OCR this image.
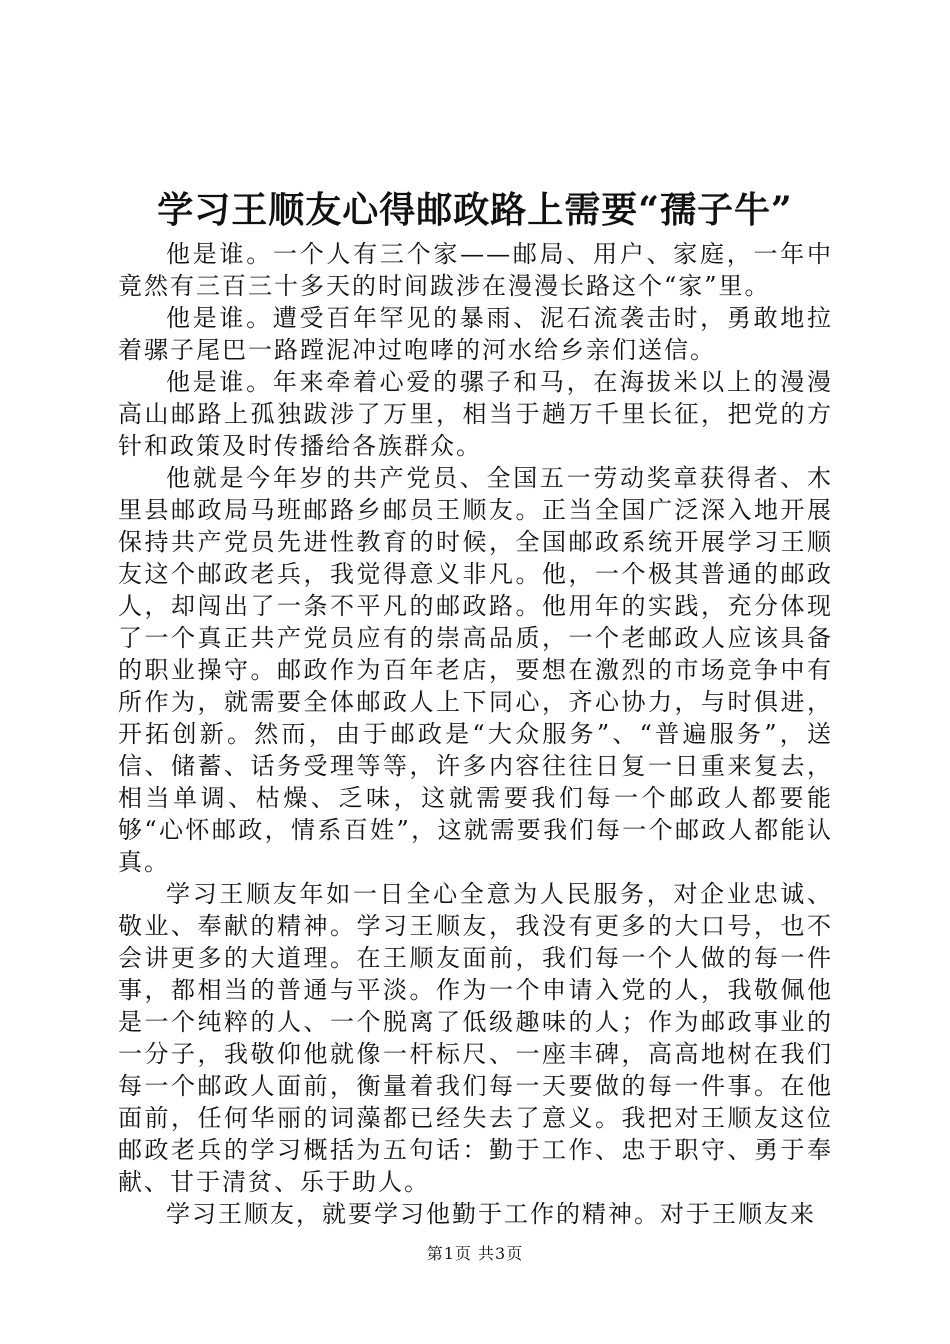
学习王顺友心得邮政路上需要“孺子牛”

他是谁。一个人有三个家——邮局、用户、家庭，一年中竟然有三百三十多天的时间跋涉在漫漫长路这个“家”里。

他是谁。遭受百年罕见的暴雨、泥石流袭击时，勇敢地拉着骡子尾巴一路蹚泥冲过咆哮的河水给乡亲们送信。

他是谁。年来牵着心爱的骡子和马，在海拔米以上的漫漫高山邮路上孤独跋涉了万里，相当于趟万千里长征，把党的方针和政策及时传播给各族群众。

他就是今年岁的共产党员、全国五一劳动奖章获得者、木里县邮政局马班邮路乡邮员王顺友。正当全国广泛深入地开展保持共产党员先进性教育的时候，全国邮政系统开展学习王顺友这个邮政老兵，我觉得意义非凡。他，一个极其普通的邮政人，却闯出了一条不平凡的邮政路。他用年的实践，充分体现了一个真正共产党员应有的崇高品质，一个老邮政人应该具备的职业操守。邮政作为百年老店，要想在激烈的市场竞争中有所作为，就需要全体邮政人上下同心，齐心协力，与时俱进，开拓创新。然而，由于邮政是“大众服务”、“普遍服务”，送信、储蓄、话务受理等等，许多内容往往日复一日重来复去，相当单调、枯燥、乏味，这就需要我们每一个邮政人都要能够“心怀邮政，情系百姓”，这就需要我们每一个邮政人都能认真。

学习王顺友年如一日全心全意为人民服务，对企业忠诚、敬业、奉献的精神。学习王顺友，我没有更多的大口号，也不会讲更多的大道理。在王顺友面前，我们每一个人做的每一件事，都相当的普通与平淡。作为一个申请入党的人，我敬佩他是一个纯粹的人、一个脱离了低级趣味的人；作为邮政事业的一分子，我敬仰他就像一杆标尺、一座丰碑，高高地树在我们每一个邮政人面前，衡量着我们每一天要做的每一件事。在他面前，任何华丽的词藻都已经失去了意义。我把对王顺友这位邮政老兵的学习概括为五句话：勤于工作、忠于职守、勇于奉献、甘于清贫、乐于助人。

学习王顺友，就要学习他勤于工作的精神。对于王顺友来

第1页 共3页
